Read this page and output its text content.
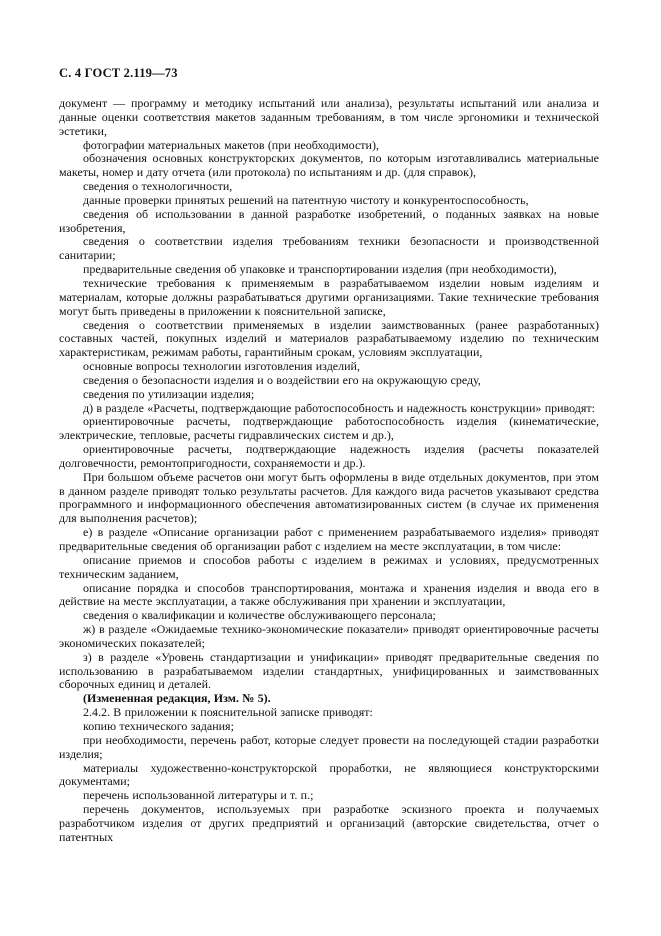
С. 4 ГОСТ 2.119—73

документ — программу и методику испытаний или анализа), результаты испытаний или анализа и данные оценки соответствия макетов заданным требованиям, в том числе эргономики и технической эстетики,

фотографии материальных макетов (при необходимости),

обозначения основных конструкторских документов, по которым изготавливались материальные макеты, номер и дату отчета (или протокола) по испытаниям и др. (для справок),

сведения о технологичности,

данные проверки принятых решений на патентную чистоту и конкурентоспособность,

сведения об использовании в данной разработке изобретений, о поданных заявках на новые изобретения,

сведения о соответствии изделия требованиям техники безопасности и производственной санитарии;

предварительные сведения об упаковке и транспортировании изделия (при необходимости),

технические требования к применяемым в разрабатываемом изделии новым изделиям и материалам, которые должны разрабатываться другими организациями. Такие технические требования могут быть приведены в приложении к пояснительной записке,

сведения о соответствии применяемых в изделии заимствованных (ранее разработанных) составных частей, покупных изделий и материалов разрабатываемому изделию по техническим характеристикам, режимам работы, гарантийным срокам, условиям эксплуатации,

основные вопросы технологии изготовления изделий,

сведения о безопасности изделия и о воздействии его на окружающую среду,

сведения по утилизации изделия;

д) в разделе «Расчеты, подтверждающие работоспособность и надежность конструкции» приводят:

ориентировочные расчеты, подтверждающие работоспособность изделия (кинематические, электрические, тепловые, расчеты гидравлических систем и др.),

ориентировочные расчеты, подтверждающие надежность изделия (расчеты показателей долговечности, ремонтопригодности, сохраняемости и др.).

При большом объеме расчетов они могут быть оформлены в виде отдельных документов, при этом в данном разделе приводят только результаты расчетов. Для каждого вида расчетов указывают средства программного и информационного обеспечения автоматизированных систем (в случае их применения для выполнения расчетов);

е) в разделе «Описание организации работ с применением разрабатываемого изделия» приводят предварительные сведения об организации работ с изделием на месте эксплуатации, в том числе:

описание приемов и способов работы с изделием в режимах и условиях, предусмотренных техническим заданием,

описание порядка и способов транспортирования, монтажа и хранения изделия и ввода его в действие на месте эксплуатации, а также обслуживания при хранении и эксплуатации,

сведения о квалификации и количестве обслуживающего персонала;

ж) в разделе «Ожидаемые технико-экономические показатели» приводят ориентировочные расчеты экономических показателей;

з) в разделе «Уровень стандартизации и унификации» приводят предварительные сведения по использованию в разрабатываемом изделии стандартных, унифицированных и заимствованных сборочных единиц и деталей.

(Измененная редакция, Изм. № 5).

2.4.2. В приложении к пояснительной записке приводят:

копию технического задания;

при необходимости, перечень работ, которые следует провести на последующей стадии разработки изделия;

материалы художественно-конструкторской проработки, не являющиеся конструкторскими документами;

перечень использованной литературы и т. п.;

перечень документов, используемых при разработке эскизного проекта и получаемых разработчиком изделия от других предприятий и организаций (авторские свидетельства, отчет о патентных
